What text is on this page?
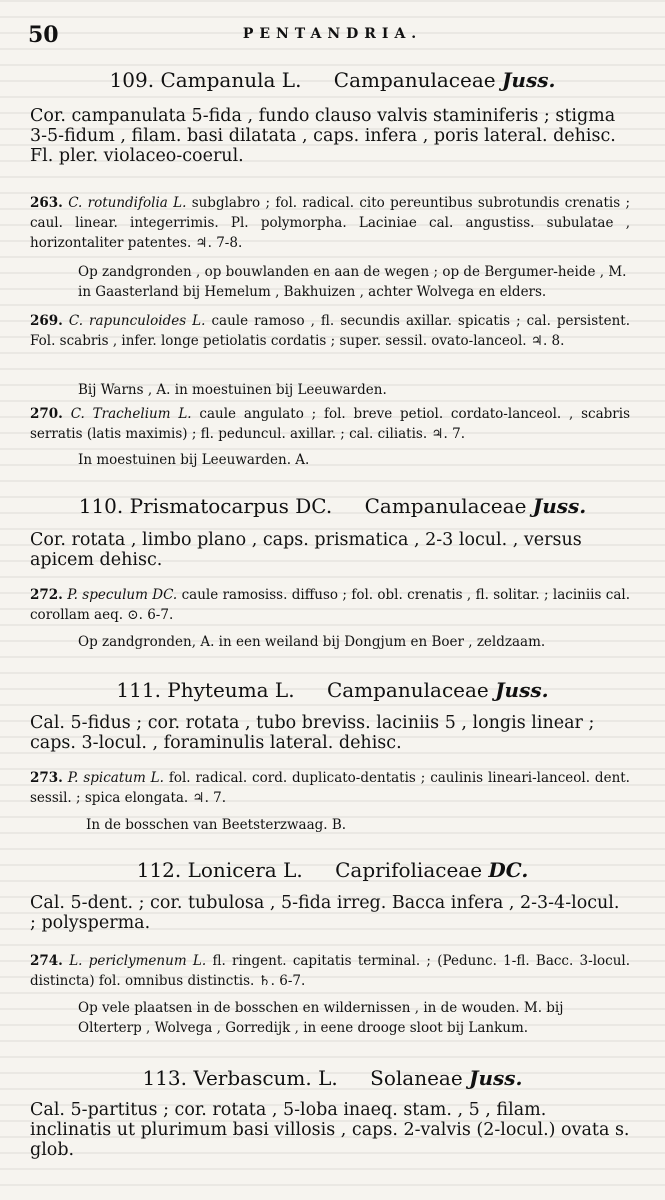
50	PENTANDRIA.
109. Campanula L. Campanulaceae Juss.
Cor. campanulata 5-fida , fundo clauso valvis staminiferis ; stigma 3-5-fidum , filam. basi dilatata , caps. infera , poris lateral. dehisc. Fl. pler. violaceo-coerul.
263. C. rotundifolia L. subglabro ; fol. radical. cito pereuntibus subrotundis crenatis ; caul. linear. integerrimis. Pl. polymorpha. Laciniae cal. angustiss. subulatae , horizontaliter patentes. ♃. 7-8.
Op zandgronden , op bouwlanden en aan de wegen ; op de Bergumer-heide , M. in Gaasterland bij Hemelum , Bakhuizen , achter Wolvega en elders.
269. C. rapunculoides L. caule ramoso , fl. secundis axillar. spicatis ; cal. persistent. Fol. scabris , infer. longe petiolatis cordatis ; super. sessil. ovato-lanceol. ♃. 8.
Bij Warns , A. in moestuinen bij Leeuwarden.
270. C. Trachelium L. caule angulato ; fol. breve petiol. cordato-lanceol. , scabris serratis (latis maximis) ; fl. peduncul. axillar. ; cal. ciliatis. ♃. 7.
In moestuinen bij Leeuwarden. A.
110. Prismatocarpus DC. Campanulaceae Juss.
Cor. rotata , limbo plano , caps. prismatica , 2-3 locul. , versus apicem dehisc.
272. P. speculum DC. caule ramosiss. diffuso ; fol. obl. crenatis , fl. solitar. ; laciniis cal. corollam aeq. ⊙. 6-7.
Op zandgronden, A. in een weiland bij Dongjum en Boer , zeldzaam.
111. Phyteuma L. Campanulaceae Juss.
Cal. 5-fidus ; cor. rotata , tubo breviss. laciniis 5 , longis linear ; caps. 3-locul. , foraminulis lateral. dehisc.
273. P. spicatum L. fol. radical. cord. duplicato-dentatis ; caulinis lineari-lanceol. dent. sessil. ; spica elongata. ♃. 7.
In de bosschen van Beetsterzwaag. B.
112. Lonicera L. Caprifoliaceae DC.
Cal. 5-dent. ; cor. tubulosa , 5-fida irreg. Bacca infera , 2-3-4-locul. ; polysperma.
274. L. periclymenum L. fl. ringent. capitatis terminal. ; (Pedunc. 1-fl. Bacc. 3-locul. distincta) fol. omnibus distinctis. ♄. 6-7.
Op vele plaatsen in de bosschen en wildernissen , in de wouden. M. bij Olterterp , Wolvega , Gorredijk , in eene drooge sloot bij Lankum.
113. Verbascum. L. Solaneae Juss.
Cal. 5-partitus ; cor. rotata , 5-loba inaeq. stam. , 5 , filam. inclinatis ut plurimum basi villosis , caps. 2-valvis (2-locul.) ovata s. glob.
